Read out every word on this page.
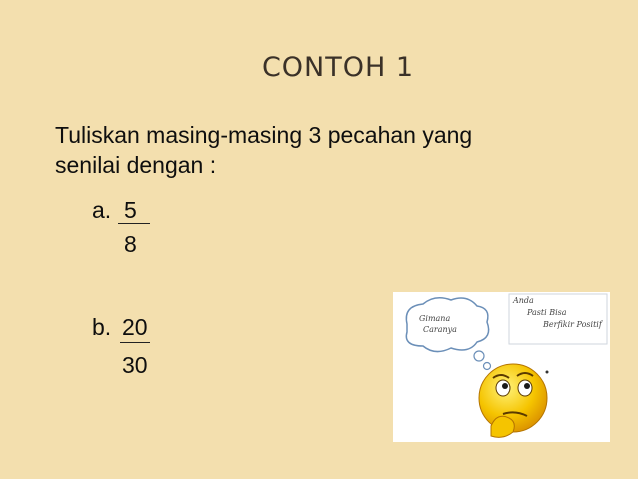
CONTOH 1
Tuliskan masing-masing 3 pecahan yang
senilai dengan :
a. 5
8
b. 20
30
Gimana
Caranya
Anda
Pasti Bisa
Berfikir Positif
